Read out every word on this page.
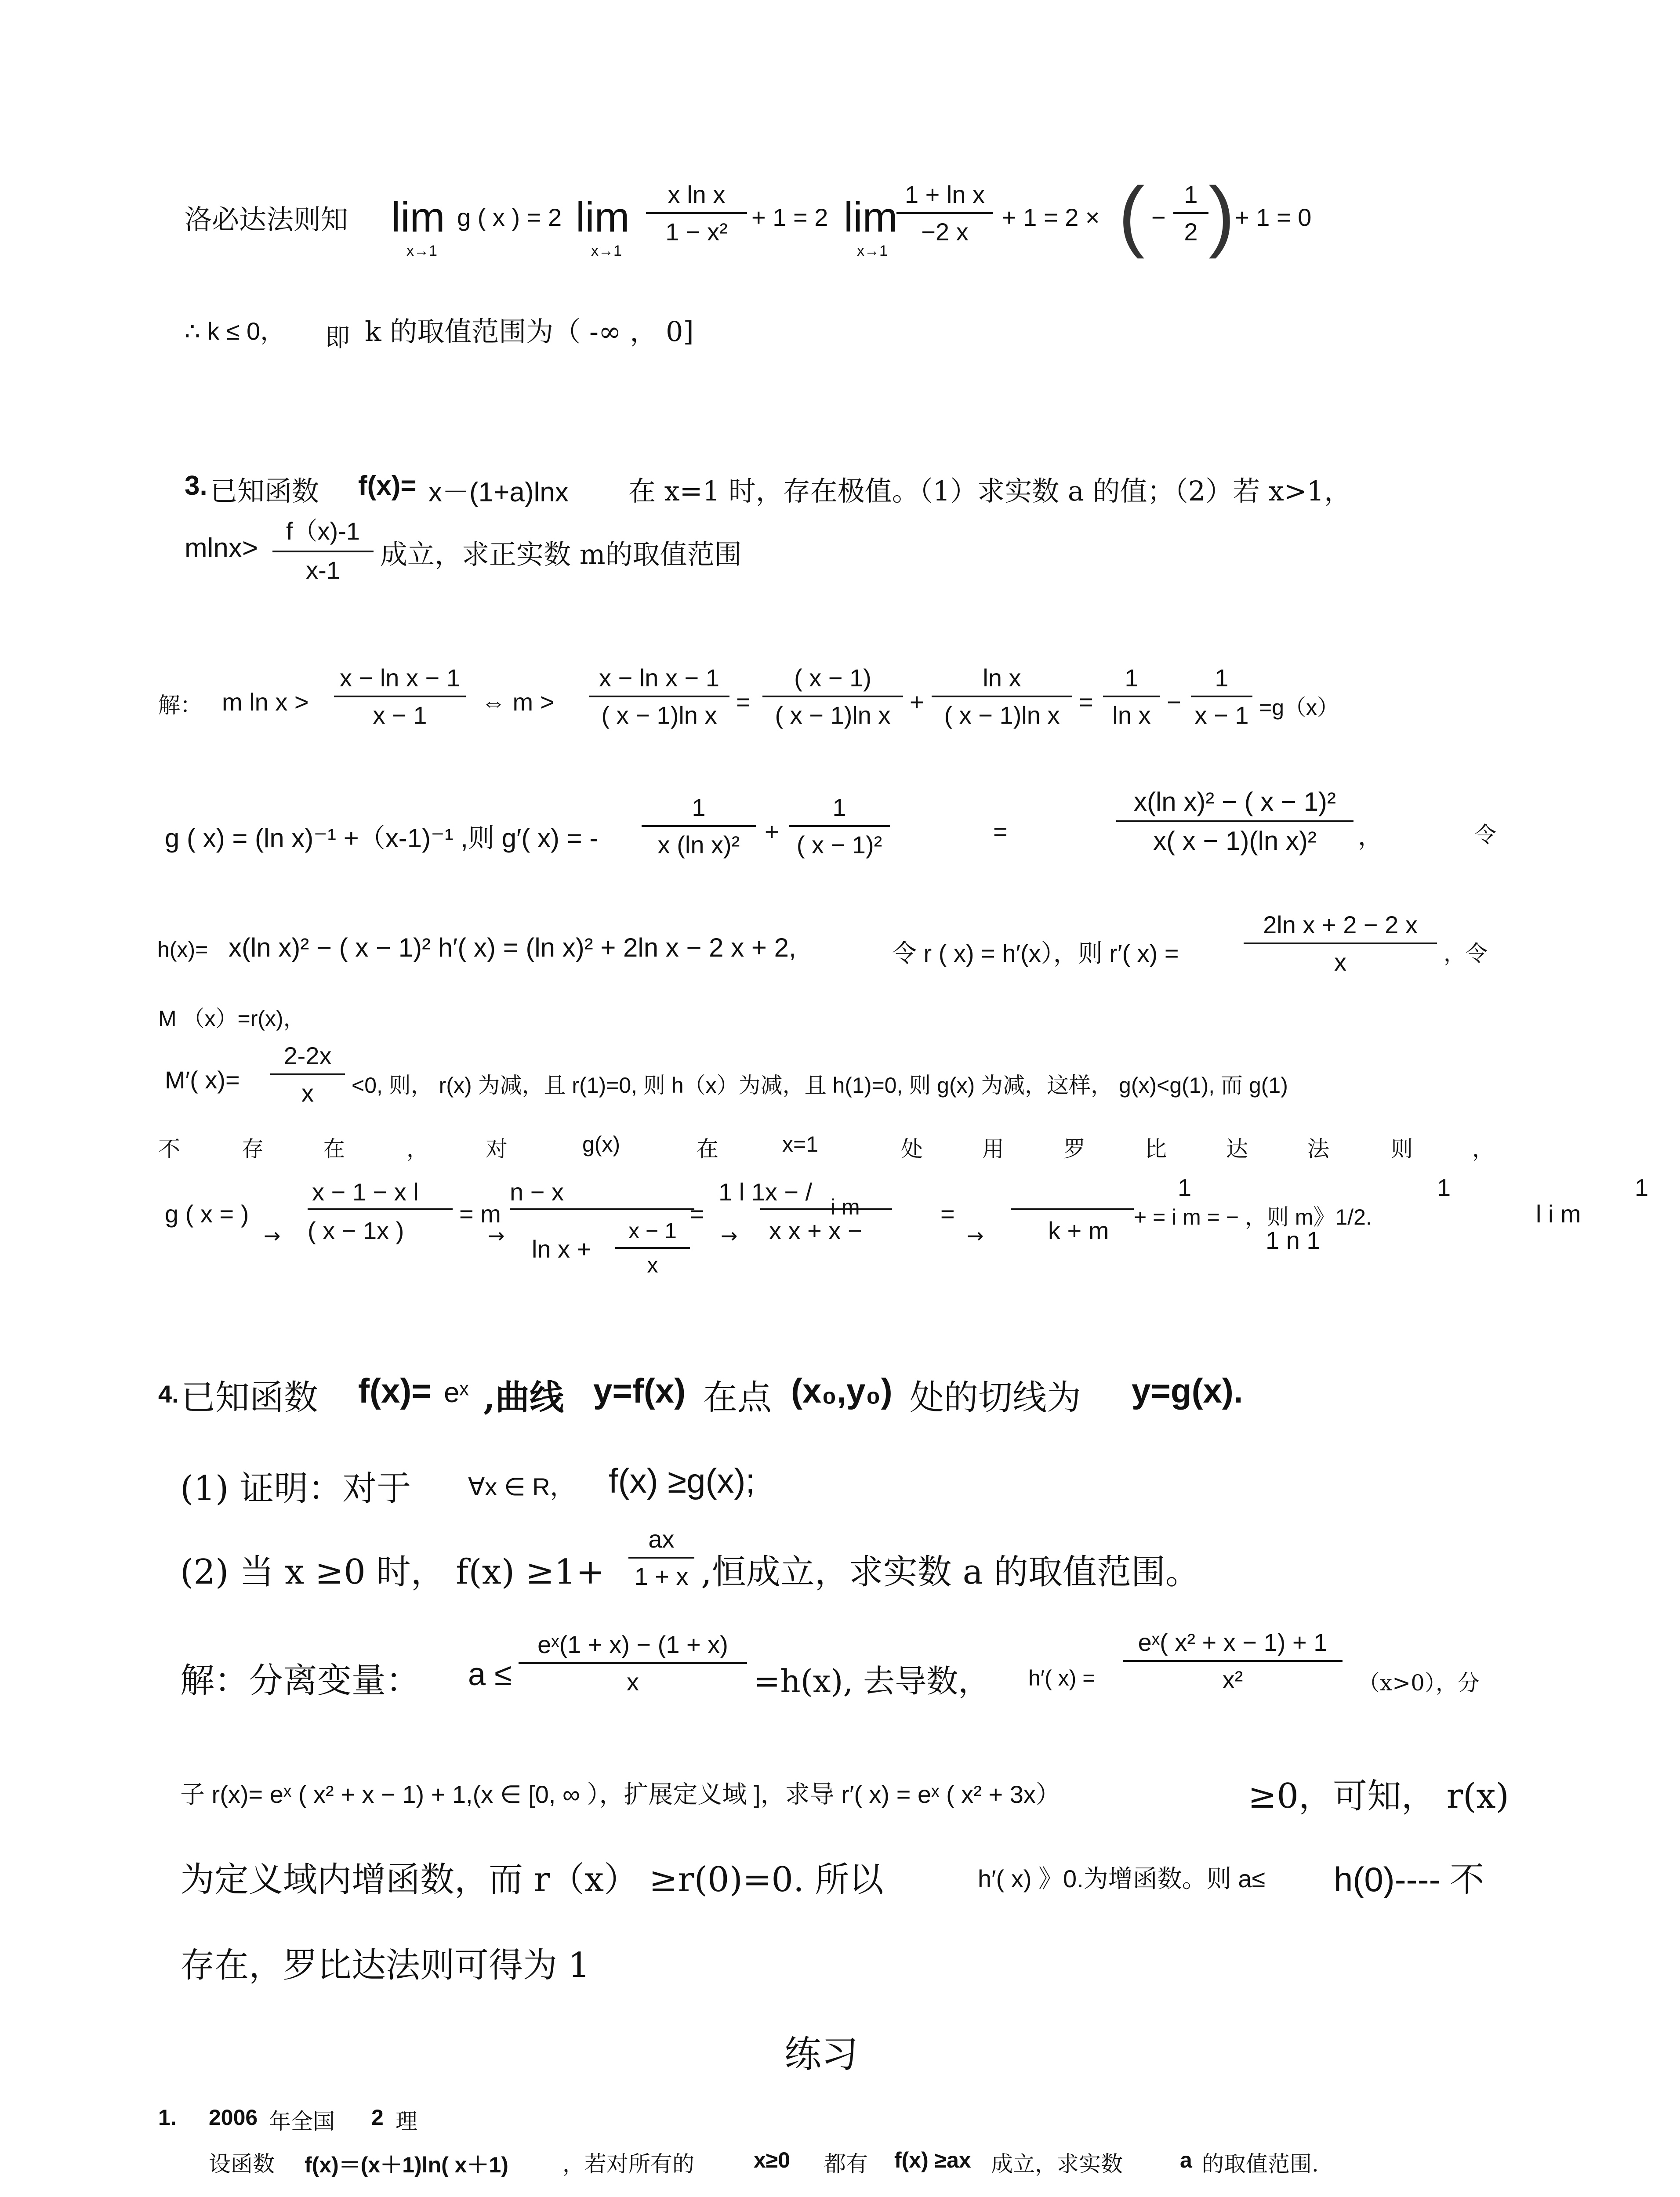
洛必达法则知 lim
x→1
g ( x ) = 2 lim
x→1
x ln x
1 − x²
+ 1 = 2 lim
x→1
1 + ln x
−2 x
+ 1 = 2 × ( −
1
2 ) + 1 = 0
∴ k ≤ 0， 即 k 的取值范围为（ -∞ ， 0]
3. 已知函数 f(x)= x－(1+a)lnx 在 x=1 时，存在极值。（1）求实数 a 的值；（2）若 x>1，
mlnx>
f（x)-1
x-1	成立，求正实数 m的取值范围
解： m ln x >
x − ln x − 1
x − 1	⇔ m >
x − ln x − 1
( x − 1)ln x =
( x − 1)
( x − 1)ln x +
ln x
( x − 1)ln x =
1
ln x −
1
x − 1 =g（x）
g ( x) = (ln x)⁻¹ +（x-1)⁻¹ ,则 g′( x) = -
1
x (ln x)²	+
1
( x − 1)²	=
x(ln x)² − ( x − 1)²
x( x − 1)(ln x)²	，	令
h(x)= x(ln x)² − ( x − 1)² h′( x) = (ln x)² + 2ln x − 2 x + 2,	令 r ( x) = h′(x），则 r′( x) =
2ln x + 2 − 2 x
x	，令
M （x）=r(x)，
M′( x)=
2-2x
x	<0, 则， r(x) 为减，且 r(1)=0, 则 h（x）为减，且 h(1)=0, 则 g(x) 为减，这样， g(x)<g(1), 而 g(1)
不	存	在	，	对	g(x)	在	x=1	处	用	罗	比	达	法	则	，
g ( x = )
x − 1 − x l
( x − 1x )
= m
n − x
ln x +
x − 1
x
=
1 l 1x − /
x x + x −
i m	=
k + m + = i m = − ，则 m》1/2.
1	1	1
l i m
1 n 1
→	→	→	→
4. 已知函数 f(x)= eˣ ,曲线 y=f(x) 在点 (x₀,y₀) 处的切线为 y=g(x).
(1) 证明：对于 ∀x ∈ R， f(x) ≥g(x);
(2) 当 x ≥0 时， f(x) ≥1+
ax
1 + x ,恒成立，求实数 a 的取值范围。
解：分离变量： a ≤
eˣ(1 + x) − (1 + x)
x	=h(x), 去导数， h′( x) =
eˣ( x² + x − 1) + 1
x²	（x>0），分
子 r(x)= eˣ ( x² + x − 1) + 1,(x ∈ [0, ∞ ），扩展定义域 ]，求导 r′( x) = eˣ ( x² + 3x）	≥0，可知， r(x)
为定义域内增函数，而 r（x） ≥r(0)=0. 所以	h′( x) 》0.为增函数。则 a≤ h(0)---- 不
存在，罗比达法则可得为 1
练习
1. 2006 年全国 2 理
设函数 f(x)＝(x＋1)ln( x＋1) ，若对所有的	x≥0 都有 f(x) ≥ax 成立，求实数	a 的取值范围.
